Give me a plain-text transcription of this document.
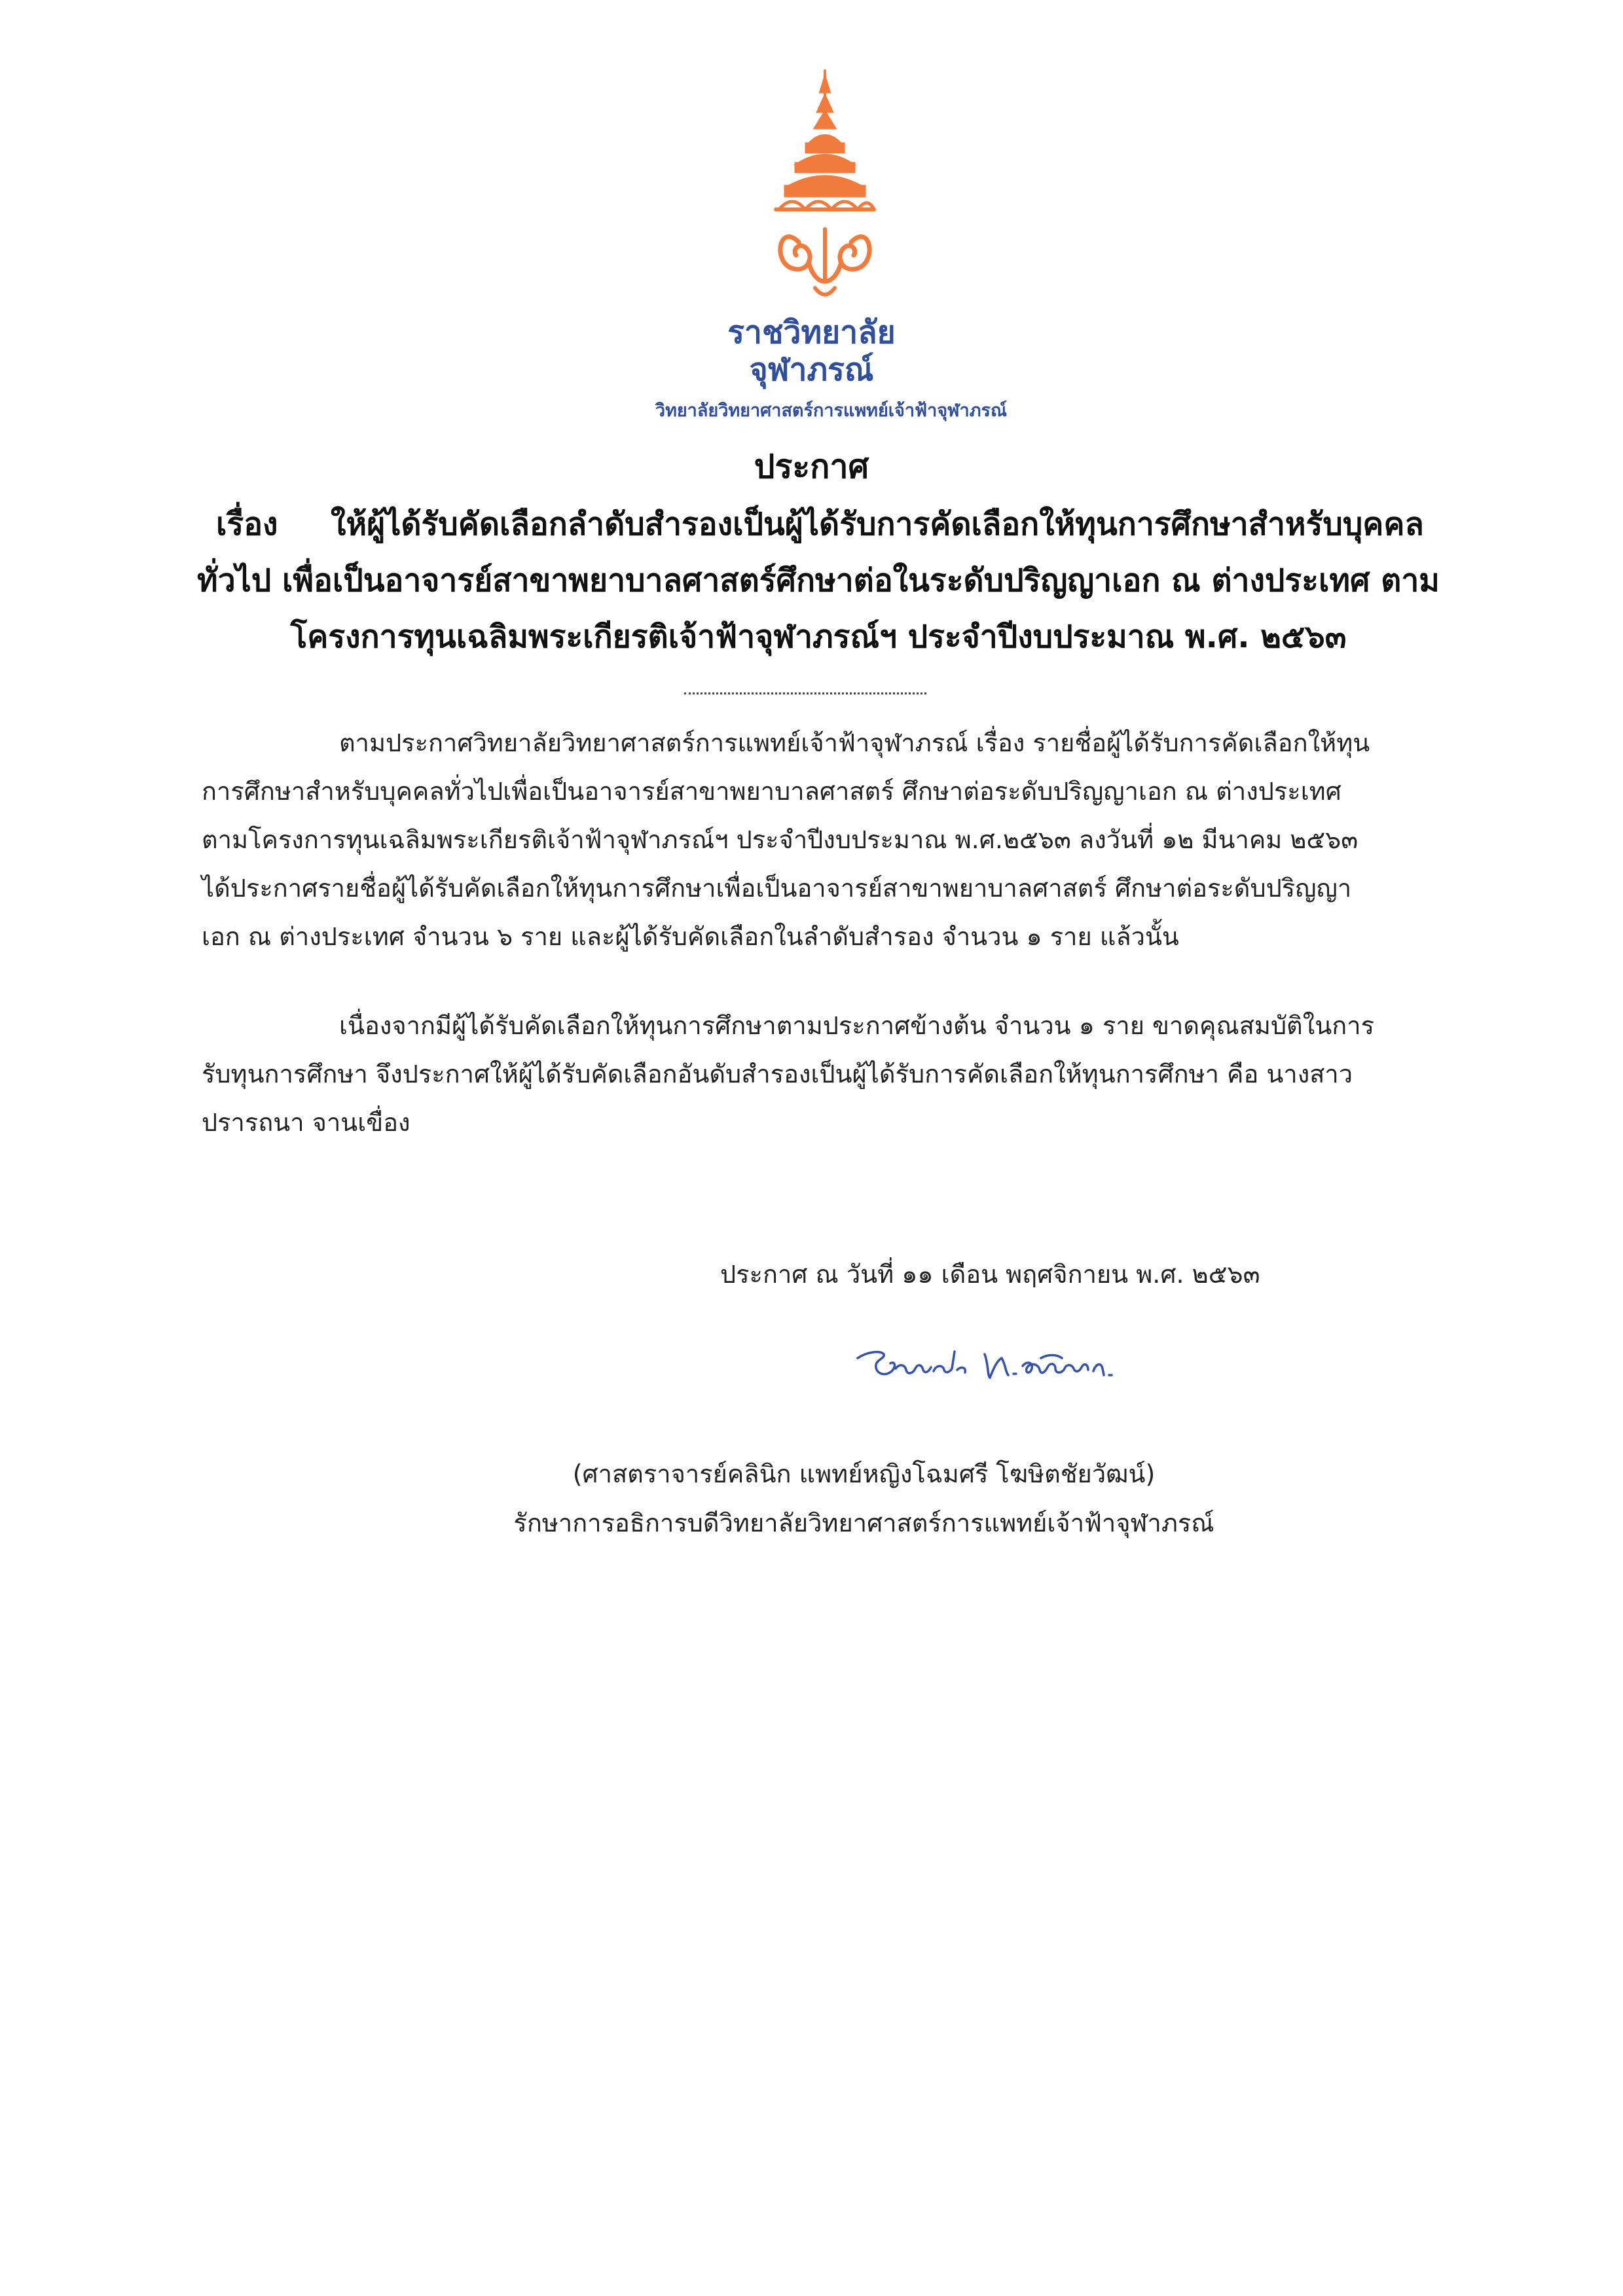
ราชวิทยาลัย
จุฬาภรณ์
วิทยาลัยวิทยาศาสตร์การแพทย์เจ้าฟ้าจุฬาภรณ์
ประกาศ
เรื่อง ให้ผู้ได้รับคัดเลือกลำดับสำรองเป็นผู้ได้รับการคัดเลือกให้ทุนการศึกษาสำหรับบุคคล
ทั่วไป เพื่อเป็นอาจารย์สาขาพยาบาลศาสตร์ศึกษาต่อในระดับปริญญาเอก ณ ต่างประเทศ ตาม
โครงการทุนเฉลิมพระเกียรติเจ้าฟ้าจุฬาภรณ์ฯ ประจำปีงบประมาณ พ.ศ. ๒๕๖๓
ตามประกาศวิทยาลัยวิทยาศาสตร์การแพทย์เจ้าฟ้าจุฬาภรณ์ เรื่อง รายชื่อผู้ได้รับการคัดเลือกให้ทุน
การศึกษาสำหรับบุคคลทั่วไปเพื่อเป็นอาจารย์สาขาพยาบาลศาสตร์ ศึกษาต่อระดับปริญญาเอก ณ ต่างประเทศ
ตามโครงการทุนเฉลิมพระเกียรติเจ้าฟ้าจุฬาภรณ์ฯ ประจำปีงบประมาณ พ.ศ.๒๕๖๓ ลงวันที่ ๑๒ มีนาคม ๒๕๖๓
ได้ประกาศรายชื่อผู้ได้รับคัดเลือกให้ทุนการศึกษาเพื่อเป็นอาจารย์สาขาพยาบาลศาสตร์ ศึกษาต่อระดับปริญญา
เอก ณ ต่างประเทศ จำนวน ๖ ราย และผู้ได้รับคัดเลือกในลำดับสำรอง จำนวน ๑ ราย แล้วนั้น
เนื่องจากมีผู้ได้รับคัดเลือกให้ทุนการศึกษาตามประกาศข้างต้น จำนวน ๑ ราย ขาดคุณสมบัติในการ
รับทุนการศึกษา จึงประกาศให้ผู้ได้รับคัดเลือกอันดับสำรองเป็นผู้ได้รับการคัดเลือกให้ทุนการศึกษา คือ นางสาว
ปรารถนา จานเขื่อง
ประกาศ ณ วันที่ ๑๑ เดือน พฤศจิกายน พ.ศ. ๒๕๖๓
(ศาสตราจารย์คลินิก แพทย์หญิงโฉมศรี โฆษิตชัยวัฒน์)
รักษาการอธิการบดีวิทยาลัยวิทยาศาสตร์การแพทย์เจ้าฟ้าจุฬาภรณ์
